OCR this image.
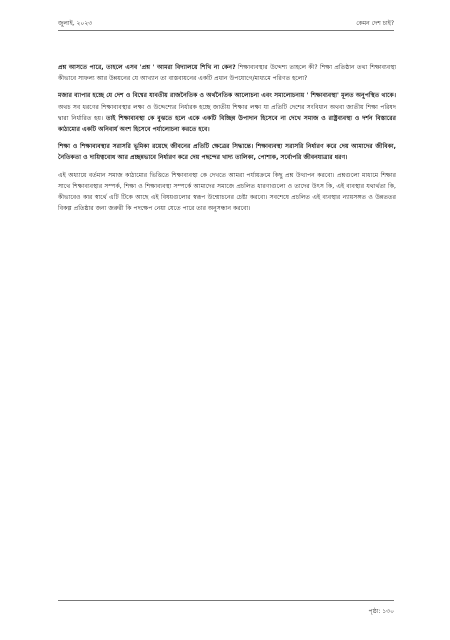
জুলাই, ২০২৩	কেমন দেশ চাই?

প্রশ্ন আসতে পারে, তাহলে এসব 'প্রশ্ন ' আমরা বিদ্যালয়ে শিখি না কেন? শিক্ষাব্যবস্থার উদ্দেশ্য তাহলে কী? শিক্ষা প্রতিষ্ঠান তথা শিক্ষাব্যবস্থা কীভাবে সাফল্য আর উন্নয়নের যে আখ্যান তা বাস্তবায়নের একটি প্রধান উপযোগে/মাধ্যমে পরিণত হলো?

মজার ব্যাপার হচ্ছে যে দেশ ও বিশ্বের যাবতীয় রাজনৈতিক ও অর্থনৈতিক আলোচনা এবং সমালোচনায় ' শিক্ষাব্যবস্থা' মূলত অনুপস্থিত থাকে। অথচ সব ধরণের শিক্ষাব্যবস্থার লক্ষ্য ও উদ্দেশ্যের নির্ধারক হচ্ছে জাতীয় শিক্ষার লক্ষ্য যা প্রতিটি দেশের সংবিধান অথবা জাতীয় শিক্ষা পরিষদ দ্বারা নির্ধারিত হয়। তাই শিক্ষাব্যবস্থা কে বুঝতে হলে একে একটি বিচ্ছিন্ন উপাদান হিসেবে না দেখে সমাজ ও রাষ্ট্রব্যবস্থা ও দর্শন বিস্তারের কাঠামোর একটি অনিবার্য অংশ হিসেবে পর্যালোচনা করতে হবে।

শিক্ষা ও শিক্ষাব্যবস্থার সরাসরি ভূমিকা রয়েছে জীবনের প্রতিটি ক্ষেত্রের সিদ্ধান্তে। শিক্ষাব্যবস্থা সরাসরি নির্ধারণ করে দেয় আমাদের জীবিকা, নৈতিকতা ও দায়িত্ববোধ আর প্রচ্ছন্নভাবে নির্ধারণ করে দেয় পছন্দের খাদ্য তালিকা, পোশাক, সর্বোপরি জীবনযাত্রার ধরণ।

এই অধ্যায়ে বর্তমান সমাজ কাঠামোর ভিত্তিতে শিক্ষাব্যবস্থা কে দেখতে আমরা পর্যায়ক্রমে কিছু প্রশ্ন উত্থাপন করবো। প্রশ্নগুলো মাধ্যমে শিক্ষার সাথে শিক্ষাব্যবস্থার সম্পর্ক, শিক্ষা ও শিক্ষাব্যবস্থা সম্পর্কে আমাদের সমাজে প্রচলিত ধারণাগুলো ও তাদের উৎস কি, এই ব্যবস্থার যথার্থতা কি, কীভাবেও কার স্বার্থে এটি টিকে আছে এই বিষয়গুলোর স্বরূপ উন্মোচনের চেষ্টা করবো। সবশেষে প্রচলিত এই ব্যবস্থার ন্যায়সঙ্গত ও উন্নততর বিকল্প প্রতিষ্ঠার জন্য জরুরী কি পদক্ষেপ নেয়া যেতে পারে তার অনুসন্ধান করবো।

পৃষ্ঠা: ১৩০
